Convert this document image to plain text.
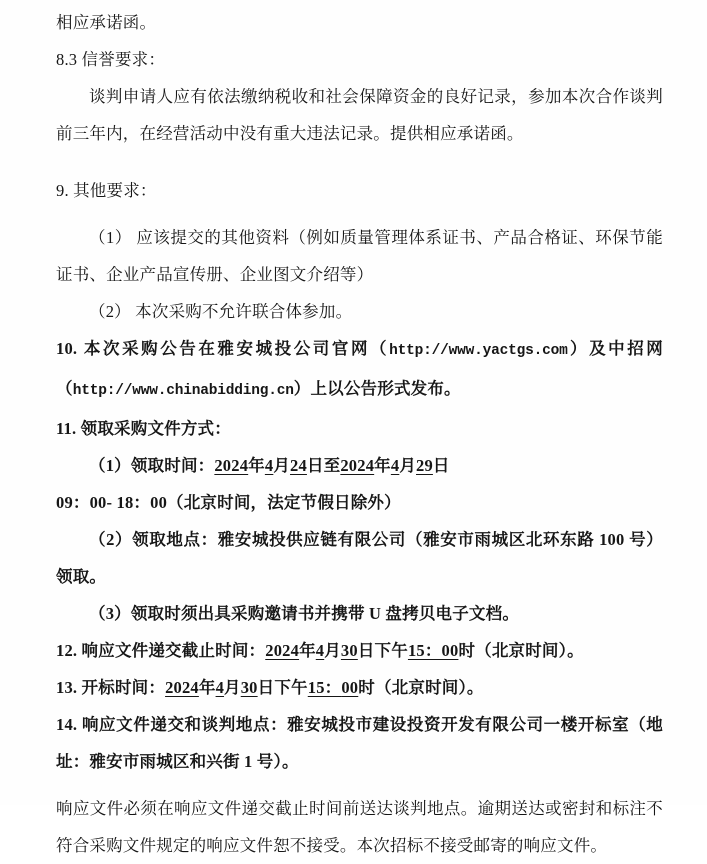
相应承诺函。

8.3 信誉要求：

谈判申请人应有依法缴纳税收和社会保障资金的良好记录，参加本次合作谈判前三年内，在经营活动中没有重大违法记录。提供相应承诺函。

9. 其他要求：

（1） 应该提交的其他资料（例如质量管理体系证书、产品合格证、环保节能证书、企业产品宣传册、企业图文介绍等）

（2） 本次采购不允许联合体参加。

10. 本次采购公告在雅安城投公司官网（http://www.yactgs.com）及中招网（http://www.chinabidding.cn）上以公告形式发布。

11. 领取采购文件方式：

（1）领取时间：2024年4月24日至2024年4月29日

09：00- 18：00（北京时间，法定节假日除外）

（2）领取地点：雅安城投供应链有限公司（雅安市雨城区北环东路 100 号）领取。

（3）领取时须出具采购邀请书并携带 U 盘拷贝电子文档。

12. 响应文件递交截止时间：2024年4月30日下午15：00时（北京时间）。

13. 开标时间：2024年4月30日下午15：00时（北京时间）。

14. 响应文件递交和谈判地点：雅安城投市建设投资开发有限公司一楼开标室（地址：雅安市雨城区和兴街 1 号）。

响应文件必须在响应文件递交截止时间前送达谈判地点。逾期送达或密封和标注不符合采购文件规定的响应文件恕不接受。本次招标不接受邮寄的响应文件。
